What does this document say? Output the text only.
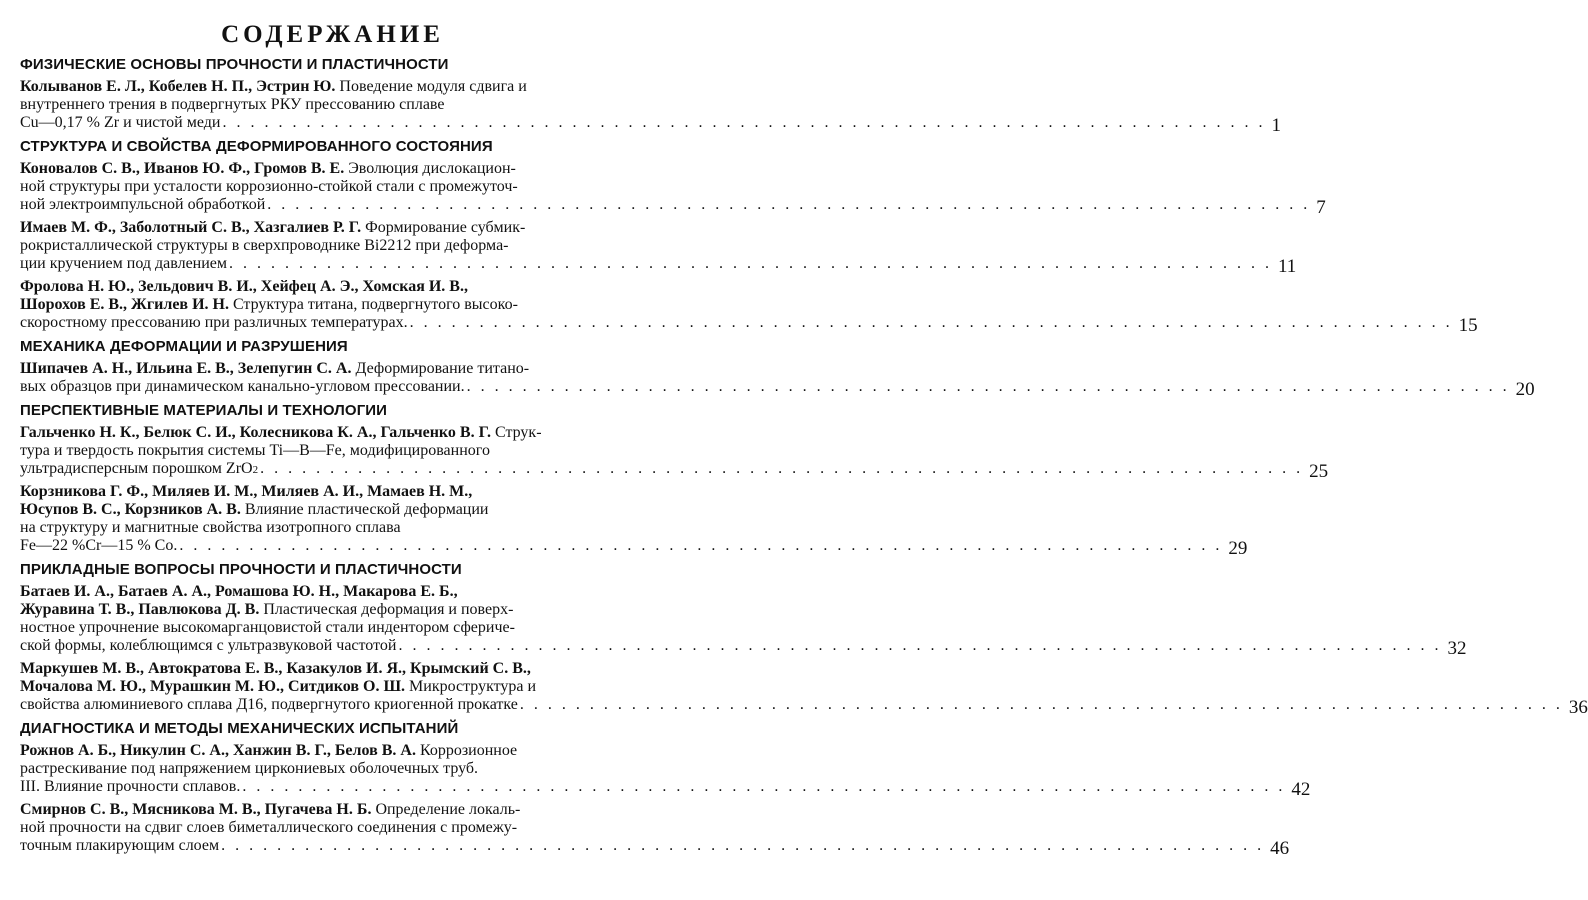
СОДЕРЖАНИЕ
ФИЗИЧЕСКИЕ ОСНОВЫ ПРОЧНОСТИ И ПЛАСТИЧНОСТИ
Колыванов Е. Л., Кобелев Н. П., Эстрин Ю. Поведение модуля сдвига и
внутреннего трения в подвергнутых РКУ прессованию сплаве
Cu—0,17 % Zr и чистой меди . . .	1
СТРУКТУРА И СВОЙСТВА ДЕФОРМИРОВАННОГО СОСТОЯНИЯ
Коновалов С. В., Иванов Ю. Ф., Громов В. Е. Эволюция дислокацион-
ной структуры при усталости коррозионно-стойкой стали с промежуточ-
ной электроимпульсной обработкой . . .	7
Имаев М. Ф., Заболотный С. В., Хазгалиев Р. Г. Формирование субмик-
рокристаллической структуры в сверхпроводнике Bi2212 при деформа-
ции кручением под давлением . . .	11
Фролова Н. Ю., Зельдович В. И., Хейфец А. Э., Хомская И. В.,
Шорохов Е. В., Жгилев И. Н. Структура титана, подвергнутого высоко-
скоростному прессованию при различных температурах. . . .	15
МЕХАНИКА ДЕФОРМАЦИИ И РАЗРУШЕНИЯ
Шипачев А. Н., Ильина Е. В., Зелепугин С. А. Деформирование титано-
вых образцов при динамическом канально-угловом прессовании. . . .	20
ПЕРСПЕКТИВНЫЕ МАТЕРИАЛЫ И ТЕХНОЛОГИИ
Гальченко Н. К., Белюк С. И., Колесникова К. А., Гальченко В. Г. Струк-
тура и твердость покрытия системы Ti—B—Fe, модифицированного
ультрадисперсным порошком ZrO 2 . . .	25
Корзникова Г. Ф., Миляев И. М., Миляев А. И., Мамаев Н. М.,
Юсупов В. С., Корзников А. В. Влияние пластической деформации
на структуру и магнитные свойства изотропного сплава
Fe—22 %Cr—15 % Co. . . .	29
ПРИКЛАДНЫЕ ВОПРОСЫ ПРОЧНОСТИ И ПЛАСТИЧНОСТИ
Батаев И. А., Батаев А. А., Ромашова Ю. Н., Макарова Е. Б.,
Журавина Т. В., Павлюкова Д. В. Пластическая деформация и поверх-
ностное упрочнение высокомарганцовистой стали индентором сфериче-
ской формы, колеблющимся с ультразвуковой частотой . . .	32
Маркушев М. В., Автократова Е. В., Казакулов И. Я., Крымский С. В.,
Мочалова М. Ю., Мурашкин М. Ю., Ситдиков О. Ш. Микроструктура и
свойства алюминиевого сплава Д16, подвергнутого криогенной прокатке . . .	36
ДИАГНОСТИКА И МЕТОДЫ МЕХАНИЧЕСКИХ ИСПЫТАНИЙ
Рожнов А. Б., Никулин С. А., Ханжин В. Г., Белов В. А. Коррозионное
растрескивание под напряжением циркониевых оболочечных труб.
III. Влияние прочности сплавов. . . .	42
Смирнов С. В., Мясникова М. В., Пугачева Н. Б. Определение локаль-
ной прочности на сдвиг слоев биметаллического соединения с промежу-
точным плакирующим слоем . . .	46
